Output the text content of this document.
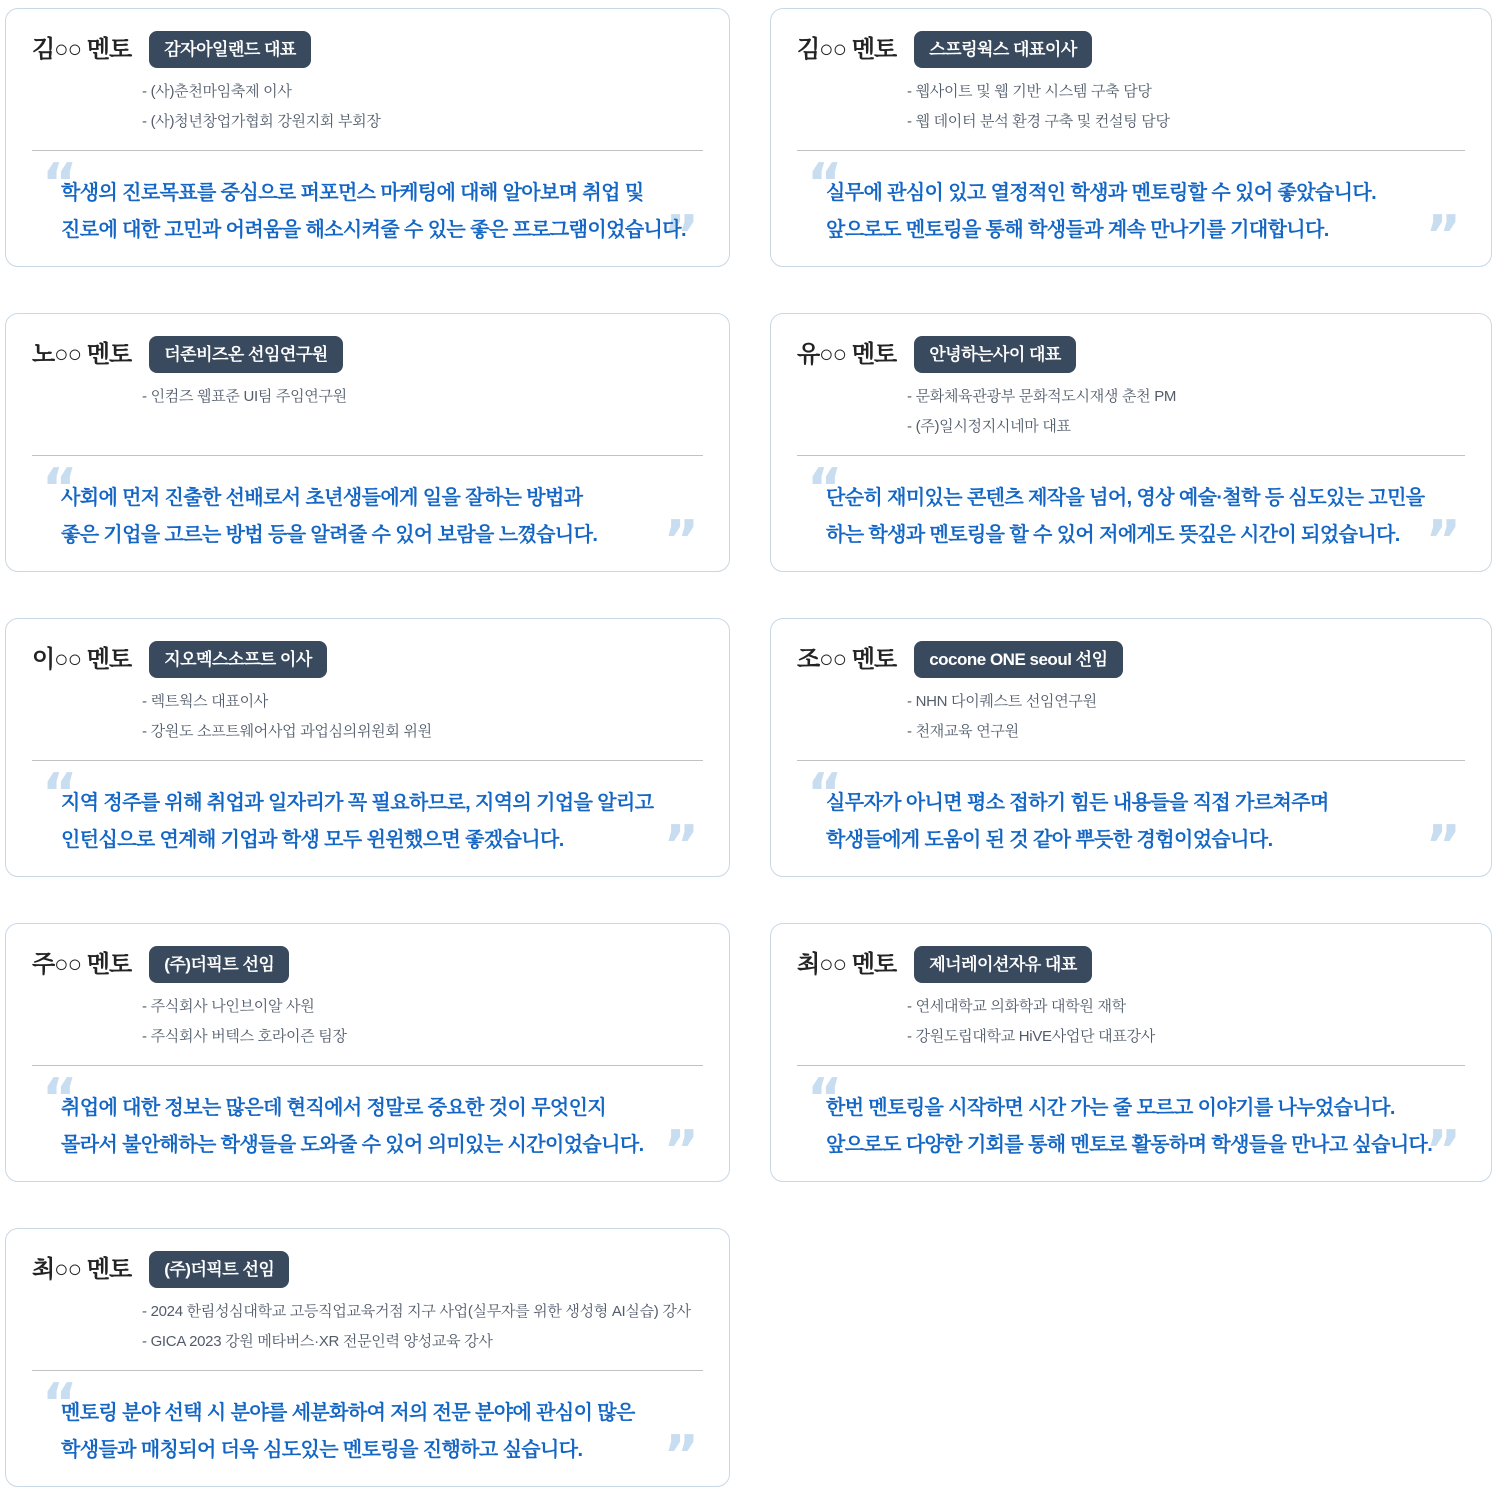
김○○ 멘토	감자아일랜드 대표
- (사)춘천마임축제 이사
- (사)청년창업가협회 강원지회 부회장
“
학생의 진로목표를 중심으로 퍼포먼스 마케팅에 대해 알아보며 취업 및
진로에 대한 고민과 어려움을 해소시켜줄 수 있는 좋은 프로그램이었습니다.
”
김○○ 멘토	스프링웍스 대표이사
- 웹사이트 및 웹 기반 시스템 구축 담당
- 웹 데이터 분석 환경 구축 및 컨설팅 담당
“
실무에 관심이 있고 열정적인 학생과 멘토링할 수 있어 좋았습니다.
앞으로도 멘토링을 통해 학생들과 계속 만나기를 기대합니다.	”
노○○ 멘토	더존비즈온 선임연구원
- 인컴즈 웹표준 UI팀 주임연구원
“
사회에 먼저 진출한 선배로서 초년생들에게 일을 잘하는 방법과
좋은 기업을 고르는 방법 등을 알려줄 수 있어 보람을 느꼈습니다.	”
유○○ 멘토	안녕하는사이 대표
- 문화체육관광부 문화적도시재생 춘천 PM
- (주)일시정지시네마 대표
“
단순히 재미있는 콘텐츠 제작을 넘어, 영상 예술·철학 등 심도있는 고민을
하는 학생과 멘토링을 할 수 있어 저에게도 뜻깊은 시간이 되었습니다. ”
이○○ 멘토	지오멕스소프트 이사
- 렉트웍스 대표이사
- 강원도 소프트웨어사업 과업심의위원회 위원
“
지역 정주를 위해 취업과 일자리가 꼭 필요하므로, 지역의 기업을 알리고
인턴십으로 연계해 기업과 학생 모두 윈윈했으면 좋겠습니다.	”
조○○ 멘토	cocone ONE seoul 선임
- NHN 다이퀘스트 선임연구원
- 천재교육 연구원
“
실무자가 아니면 평소 접하기 힘든 내용들을 직접 가르쳐주며
학생들에게 도움이 된 것 같아 뿌듯한 경험이었습니다.	”
주○○ 멘토	(주)더픽트 선임
- 주식회사 나인브이알 사원
- 주식회사 버텍스 호라이즌 팀장
“
취업에 대한 정보는 많은데 현직에서 정말로 중요한 것이 무엇인지
몰라서 불안해하는 학생들을 도와줄 수 있어 의미있는 시간이었습니다. ”
최○○ 멘토	제너레이션자유 대표
- 연세대학교 의화학과 대학원 재학
- 강원도립대학교 HiVE사업단 대표강사
“
한번 멘토링을 시작하면 시간 가는 줄 모르고 이야기를 나누었습니다.
앞으로도 다양한 기회를 통해 멘토로 활동하며 학생들을 만나고 싶습니다.
”
최○○ 멘토	(주)더픽트 선임
- 2024 한림성심대학교 고등직업교육거점 지구 사업(실무자를 위한 생성형 AI실습) 강사
- GICA 2023 강원 메타버스·XR 전문인력 양성교육 강사
“
멘토링 분야 선택 시 분야를 세분화하여 저의 전문 분야에 관심이 많은
학생들과 매칭되어 더욱 심도있는 멘토링을 진행하고 싶습니다.	”
